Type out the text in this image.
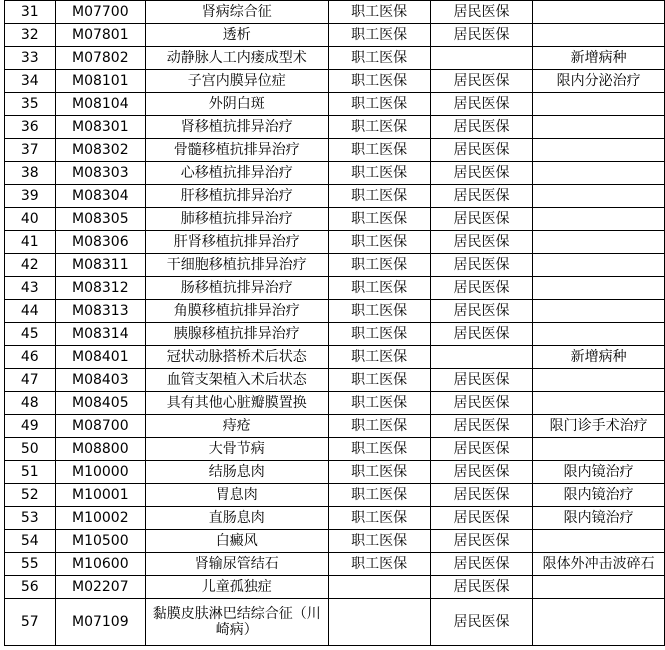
31	M07700	肾病综合征	职工医保	居民医保	
32	M07801	透析	职工医保	居民医保	
33	M07802	动静脉人工内瘘成型术	职工医保		新增病种
34	M08101	子宫内膜异位症	职工医保	居民医保	限内分泌治疗
35	M08104	外阴白斑	职工医保	居民医保	
36	M08301	肾移植抗排异治疗	职工医保	居民医保	
37	M08302	骨髓移植抗排异治疗	职工医保	居民医保	
38	M08303	心移植抗排异治疗	职工医保	居民医保	
39	M08304	肝移植抗排异治疗	职工医保	居民医保	
40	M08305	肺移植抗排异治疗	职工医保	居民医保	
41	M08306	肝肾移植抗排异治疗	职工医保	居民医保	
42	M08311	干细胞移植抗排异治疗	职工医保	居民医保	
43	M08312	肠移植抗排异治疗	职工医保	居民医保	
44	M08313	角膜移植抗排异治疗	职工医保	居民医保	
45	M08314	胰腺移植抗排异治疗	职工医保	居民医保	
46	M08401	冠状动脉搭桥术后状态	职工医保		新增病种
47	M08403	血管支架植入术后状态	职工医保	居民医保	
48	M08405	具有其他心脏瓣膜置换	职工医保	居民医保	
49	M08700	痔疮	职工医保	居民医保	限门诊手术治疗
50	M08800	大骨节病	职工医保	居民医保	
51	M10000	结肠息肉	职工医保	居民医保	限内镜治疗
52	M10001	胃息肉	职工医保	居民医保	限内镜治疗
53	M10002	直肠息肉	职工医保	居民医保	限内镜治疗
54	M10500	白癜风	职工医保	居民医保	
55	M10600	肾输尿管结石	职工医保	居民医保	限体外冲击波碎石
56	M02207	儿童孤独症		居民医保	
57	M07109	黏膜皮肤淋巴结综合征（川崎病）		居民医保	
